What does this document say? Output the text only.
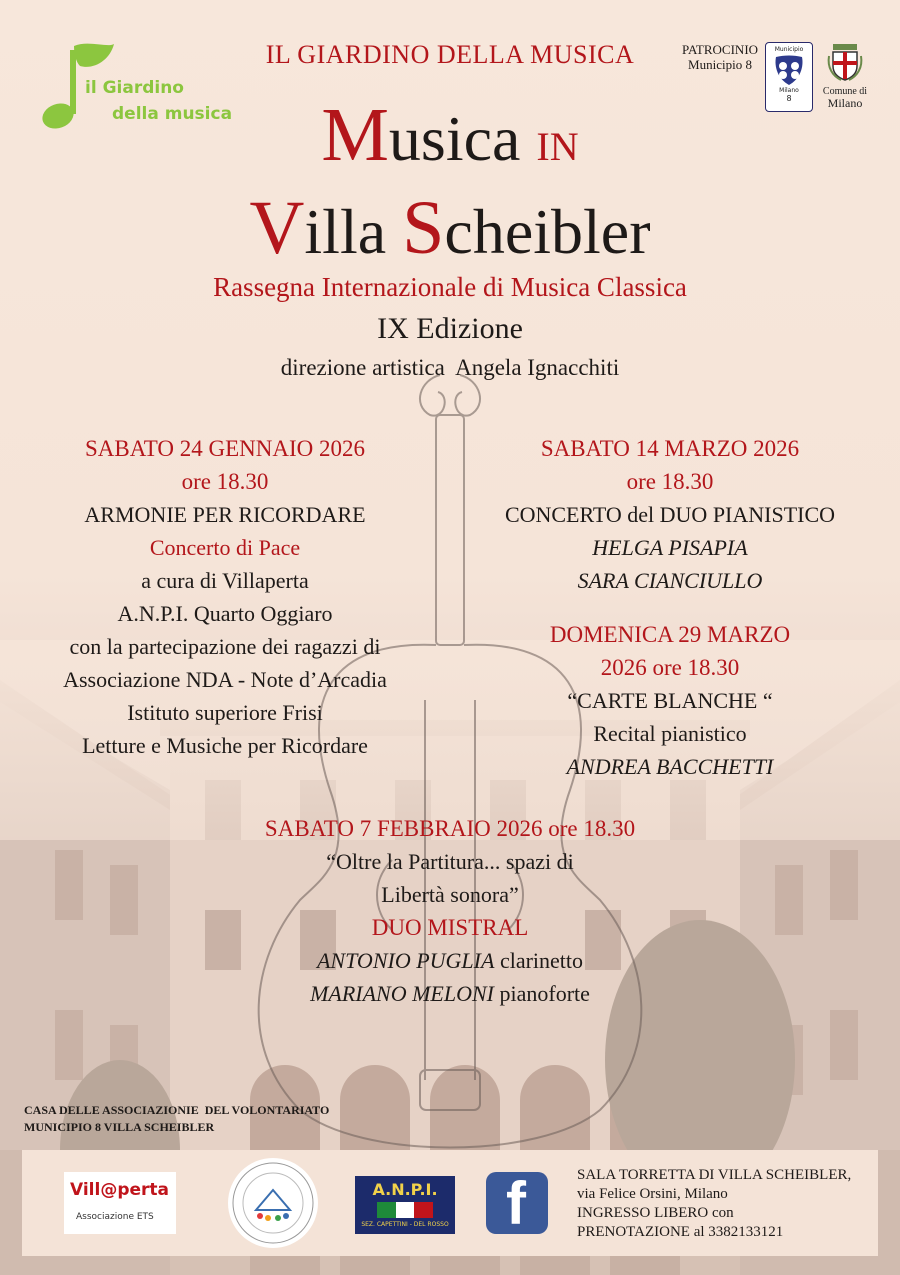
il Giardino
della musica
IL GIARDINO DELLA MUSICA	PATROCINIO
Municipio 8
Municipio
Milano
8
Comune di
Milano
Musica IN
Villa Scheibler
Rassegna Internazionale di Musica Classica
IX Edizione
direzione artistica  Angela Ignacchiti
SABATO 24 GENNAIO 2026
ore 18.30
ARMONIE PER RICORDARE
Concerto di Pace
a cura di Villaperta
A.N.P.I. Quarto Oggiaro
con la partecipazione dei ragazzi di
Associazione NDA - Note d’Arcadia
Istituto superiore Frisi
Letture e Musiche per Ricordare
SABATO 14 MARZO 2026
ore 18.30
CONCERTO del DUO PIANISTICO
HELGA PISAPIA
SARA CIANCIULLO
DOMENICA 29 MARZO
2026 ore 18.30
“CARTE BLANCHE “
Recital pianistico
ANDREA BACCHETTI
SABATO 7 FEBBRAIO 2026 ore 18.30
“Oltre la Partitura... spazi di
Libertà sonora”
DUO MISTRAL
ANTONIO PUGLIA clarinetto
MARIANO MELONI pianoforte
CASA DELLE ASSOCIAZIONIE  DEL VOLONTARIATO
MUNICIPIO 8 VILLA SCHEIBLER
Vill@perta
Associazione ETS
A.N.P.I.
SEZ. CAPETTINI - DEL ROSSO f	SALA TORRETTA DI VILLA SCHEIBLER,
via Felice Orsini, Milano
INGRESSO LIBERO con
PRENOTAZIONE al 3382133121
